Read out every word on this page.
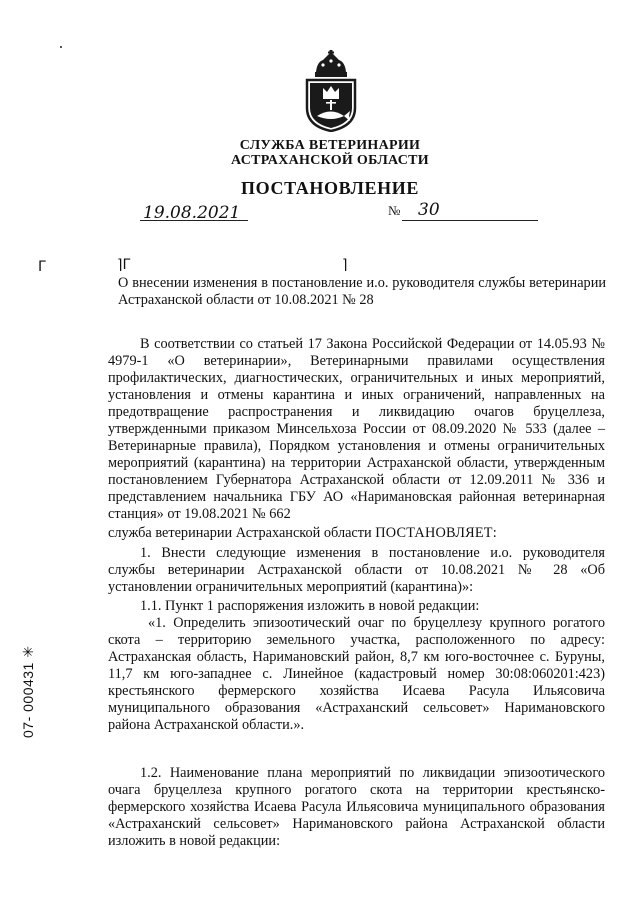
СЛУЖБА ВЕТЕРИНАРИИ
АСТРАХАНСКОЙ ОБЛАСТИ
ПОСТАНОВЛЕНИЕ
19.08.2021	№ 30
Г	⌉Г	⌉
О внесении изменения в постановление и.о. руководителя службы ветеринарии Астраханской области от 10.08.2021 № 28
В соответствии со статьей 17 Закона Российской Федерации от 14.05.93 № 4979-1 «О ветеринарии», Ветеринарными правилами осуществления профилактических, диагностических, ограничительных и иных мероприятий, установления и отмены карантина и иных ограничений, направленных на предотвращение распространения и ликвидацию очагов бруцеллеза, утвержденными приказом Минсельхоза России от 08.09.2020 № 533 (далее – Ветеринарные правила), Порядком установления и отмены ограничительных мероприятий (карантина) на территории Астраханской области, утвержденным постановлением Губернатора Астраханской области от 12.09.2011 № 336 и представлением начальника ГБУ АО «Наримановская районная ветеринарная станция» от 19.08.2021 № 662
служба ветеринарии Астраханской области ПОСТАНОВЛЯЕТ:
1. Внести следующие изменения в постановление и.о. руководителя службы ветеринарии Астраханской области от 10.08.2021 № 28 «Об установлении ограничительных мероприятий (карантина)»:
1.1. Пункт 1 распоряжения изложить в новой редакции:
«1. Определить эпизоотический очаг по бруцеллезу крупного рогатого скота – территорию земельного участка, расположенного по адресу: Астраханская область, Наримановский район, 8,7 км юго-восточнее с. Буруны, 11,7 км юго-западнее с. Линейное (кадастровый номер 30:08:060201:423) крестьянского фермерского хозяйства Исаева Расула Ильясовича муниципального образования «Астраханский сельсовет» Наримановского района Астраханской области.».
1.2. Наименование плана мероприятий по ликвидации эпизоотического очага бруцеллеза крупного рогатого скота на территории крестьянско-фермерского хозяйства Исаева Расула Ильясовича муниципального образования «Астраханский сельсовет» Наримановского района Астраханской области изложить в новой редакции:
07- 000431 ✳
